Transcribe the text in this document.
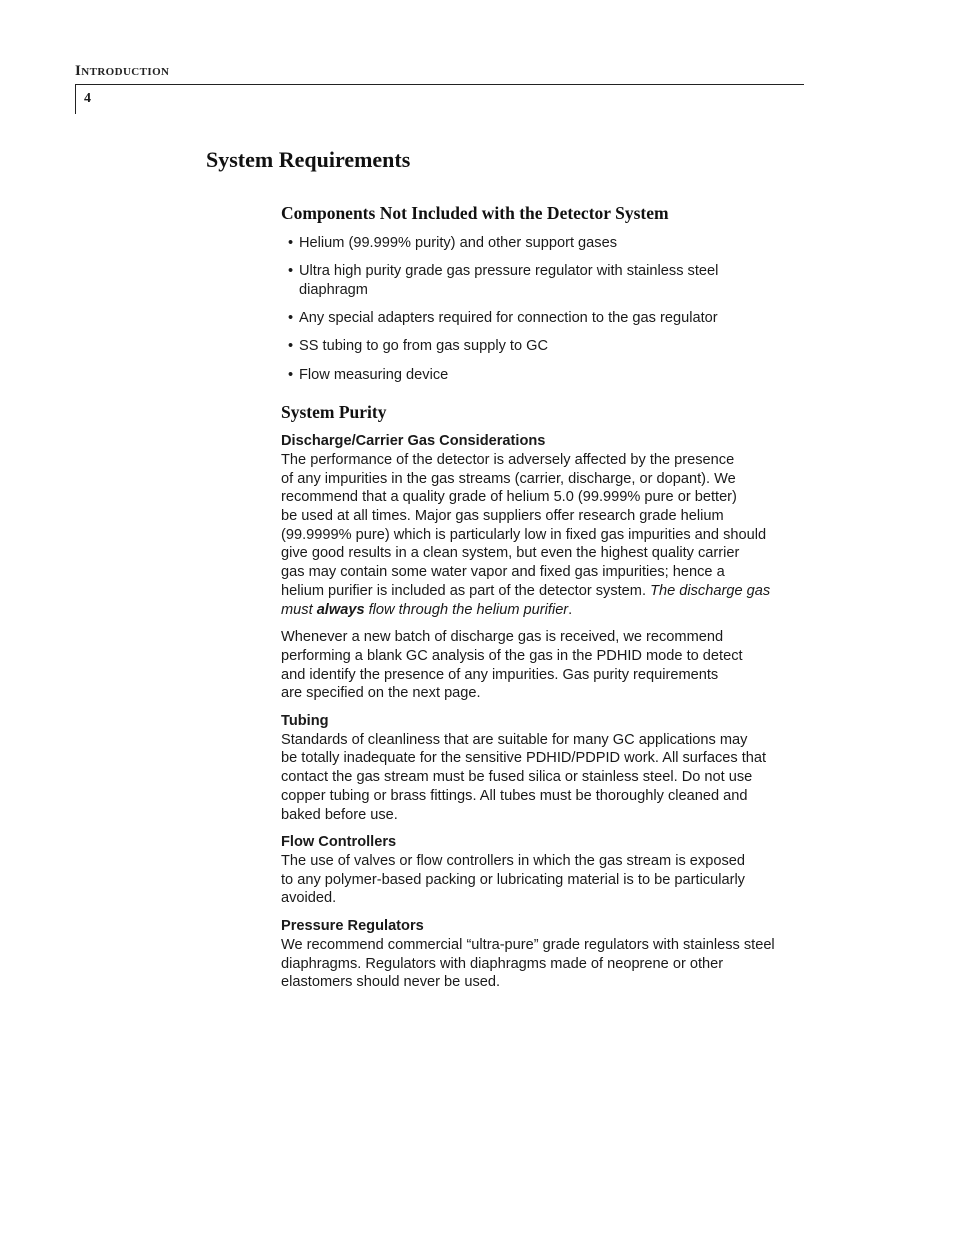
Introduction
4
System Requirements
Components Not Included with the Detector System
• Helium (99.999% purity) and other support gases
• Ultra high purity grade gas pressure regulator with stainless steel
diaphragm
• Any special adapters required for connection to the gas regulator
• SS tubing to go from gas supply to GC
• Flow measuring device
System Purity
Discharge/Carrier Gas Considerations

The performance of the detector is adversely affected by the presence
of any impurities in the gas streams (carrier, discharge, or dopant). We
recommend that a quality grade of helium 5.0 (99.999% pure or better)
be used at all times. Major gas suppliers offer research grade helium
(99.9999% pure) which is particularly low in fixed gas impurities and should
give good results in a clean system, but even the highest quality carrier
gas may contain some water vapor and fixed gas impurities; hence a
helium purifier is included as part of the detector system. The discharge gas
must always flow through the helium purifier.

Whenever a new batch of discharge gas is received, we recommend
performing a blank GC analysis of the gas in the PDHID mode to detect
and identify the presence of any impurities. Gas purity requirements
are specified on the next page.

Tubing

Standards of cleanliness that are suitable for many GC applications may
be totally inadequate for the sensitive PDHID/PDPID work. All surfaces that
contact the gas stream must be fused silica or stainless steel. Do not use
copper tubing or brass fittings. All tubes must be thoroughly cleaned and
baked before use.

Flow Controllers

The use of valves or flow controllers in which the gas stream is exposed
to any polymer-based packing or lubricating material is to be particularly
avoided.

Pressure Regulators

We recommend commercial “ultra-pure” grade regulators with stainless steel
diaphragms. Regulators with diaphragms made of neoprene or other
elastomers should never be used.
